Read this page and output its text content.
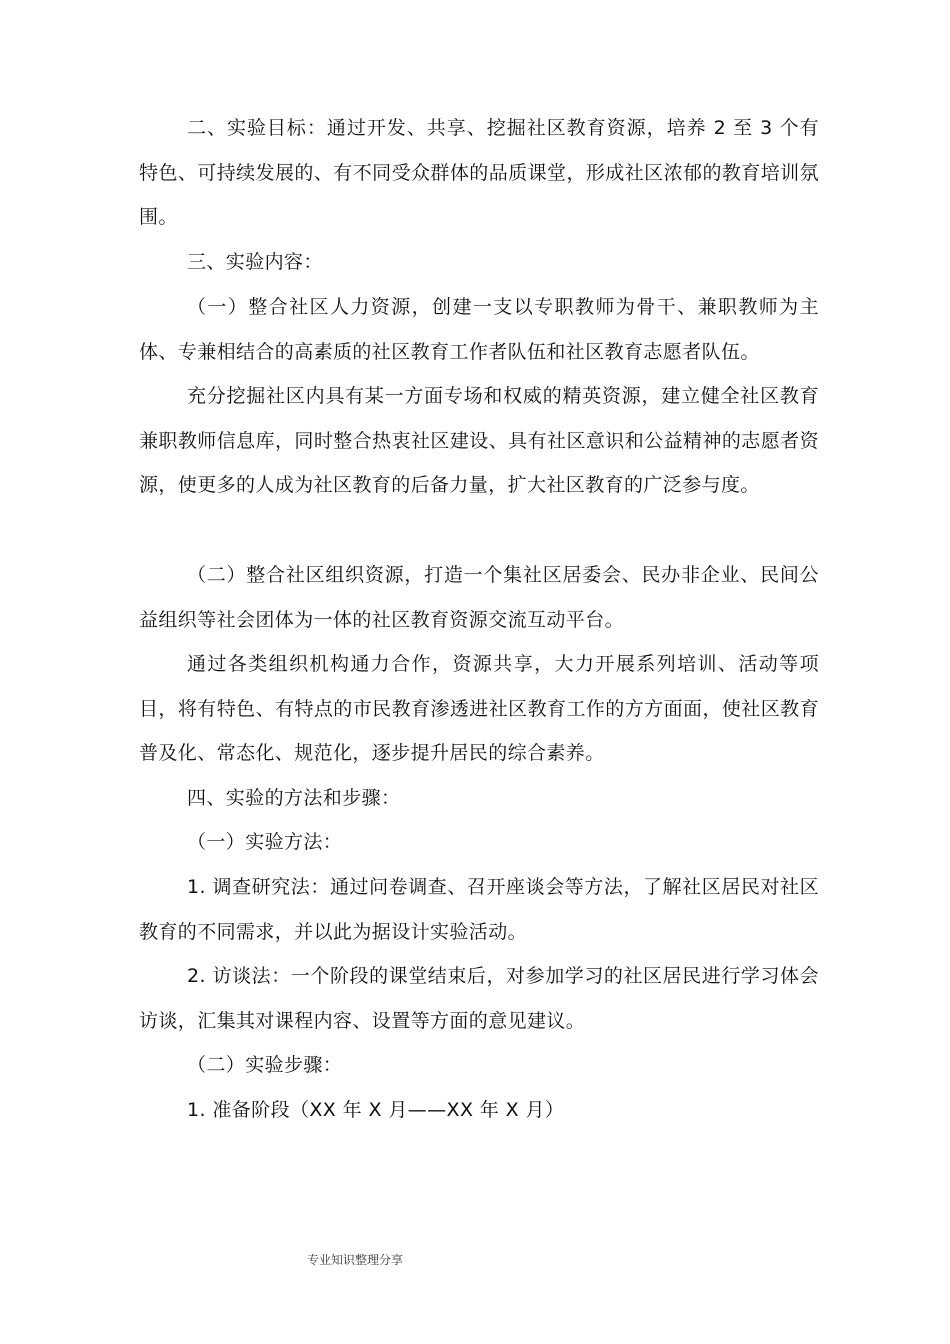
二、实验目标：通过开发、共享、挖掘社区教育资源，培养 2 至 3 个有特色、可持续发展的、有不同受众群体的品质课堂，形成社区浓郁的教育培训氛围。

三、实验内容：

（一）整合社区人力资源，创建一支以专职教师为骨干、兼职教师为主体、专兼相结合的高素质的社区教育工作者队伍和社区教育志愿者队伍。

充分挖掘社区内具有某一方面专场和权威的精英资源，建立健全社区教育兼职教师信息库，同时整合热衷社区建设、具有社区意识和公益精神的志愿者资源，使更多的人成为社区教育的后备力量，扩大社区教育的广泛参与度。

（二）整合社区组织资源，打造一个集社区居委会、民办非企业、民间公益组织等社会团体为一体的社区教育资源交流互动平台。

通过各类组织机构通力合作，资源共享，大力开展系列培训、活动等项目，将有特色、有特点的市民教育渗透进社区教育工作的方方面面，使社区教育普及化、常态化、规范化，逐步提升居民的综合素养。

四、实验的方法和步骤：

（一）实验方法：

1. 调查研究法：通过问卷调查、召开座谈会等方法，了解社区居民对社区教育的不同需求，并以此为据设计实验活动。

2. 访谈法：一个阶段的课堂结束后，对参加学习的社区居民进行学习体会访谈，汇集其对课程内容、设置等方面的意见建议。

（二）实验步骤：

1. 准备阶段（XX 年 X 月——XX 年 X 月）

专业知识整理分享
